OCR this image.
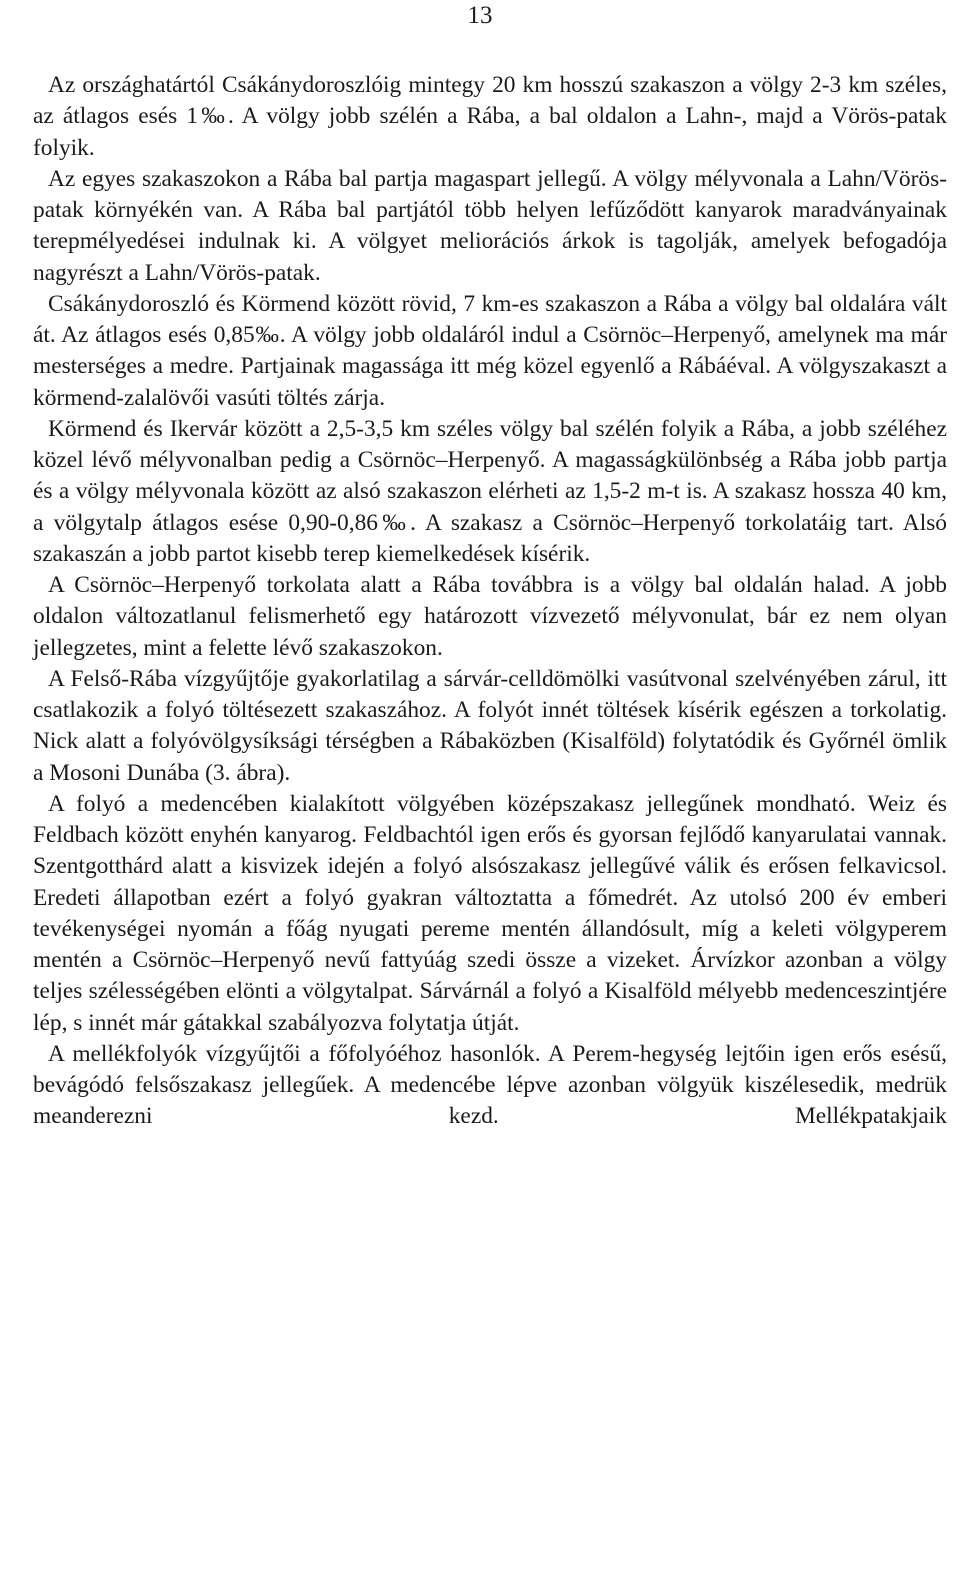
13

Az országhatártól Csákánydoroszlóig mintegy 20 km hosszú szakaszon a völgy 2-3 km széles, az átlagos esés 1‰. A völgy jobb szélén a Rába, a bal oldalon a Lahn-, majd a Vörös-patak folyik.

Az egyes szakaszokon a Rába bal partja magaspart jellegű. A völgy mélyvonala a Lahn/Vörös-patak környékén van. A Rába bal partjától több helyen lefűződött kanyarok maradványainak terepmélyedései indulnak ki. A völgyet meliorációs árkok is tagolják, amelyek befogadója nagyrészt a Lahn/Vörös-patak.

Csákánydoroszló és Körmend között rövid, 7 km-es szakaszon a Rába a völgy bal oldalára vált át. Az átlagos esés 0,85‰. A völgy jobb oldaláról indul a Csörnöc–Herpenyő, amelynek ma már mesterséges a medre. Partjainak magassága itt még közel egyenlő a Rábáéval. A völgyszakaszt a körmend-zalalövői vasúti töltés zárja.

Körmend és Ikervár között a 2,5-3,5 km széles völgy bal szélén folyik a Rába, a jobb széléhez közel lévő mélyvonalban pedig a Csörnöc–Herpenyő. A magasságkülönbség a Rába jobb partja és a völgy mélyvonala között az alsó szakaszon elérheti az 1,5-2 m-t is. A szakasz hossza 40 km, a völgytalp átlagos esése 0,90-0,86‰. A szakasz a Csörnöc–Herpenyő torkolatáig tart. Alsó szakaszán a jobb partot kisebb terep kiemelkedések kísérik.

A Csörnöc–Herpenyő torkolata alatt a Rába továbbra is a völgy bal oldalán halad. A jobb oldalon változatlanul felismerhető egy határozott vízvezető mélyvonulat, bár ez nem olyan jellegzetes, mint a felette lévő szakaszokon.

A Felső-Rába vízgyűjtője gyakorlatilag a sárvár-celldömölki vasútvonal szelvényében zárul, itt csatlakozik a folyó töltésezett szakaszához. A folyót innét töltések kísérik egészen a torkolatig. Nick alatt a folyóvölgysíksági térségben a Rábaközben (Kisalföld) folytatódik és Győrnél ömlik a Mosoni Dunába (3. ábra).

A folyó a medencében kialakított völgyében középszakasz jellegűnek mondható. Weiz és Feldbach között enyhén kanyarog. Feldbachtól igen erős és gyorsan fejlődő kanyarulatai vannak. Szentgotthárd alatt a kisvizek idején a folyó alsószakasz jellegűvé válik és erősen felkavicsol. Eredeti állapotban ezért a folyó gyakran változtatta a főmedrét. Az utolsó 200 év emberi tevékenységei nyomán a főág nyugati pereme mentén állandósult, míg a keleti völgyperem mentén a Csörnöc–Herpenyő nevű fattyúág szedi össze a vizeket. Árvízkor azonban a völgy teljes szélességében elönti a völgytalpat. Sárvárnál a folyó a Kisalföld mélyebb medenceszintjére lép, s innét már gátakkal szabályozva folytatja útját.

A mellékfolyók vízgyűjtői a főfolyóéhoz hasonlók. A Perem-hegység lejtőin igen erős esésű, bevágódó felsőszakasz jellegűek. A medencébe lépve azonban völgyük kiszélesedik, medrük meanderezni kezd. Mellékpatakjaik
